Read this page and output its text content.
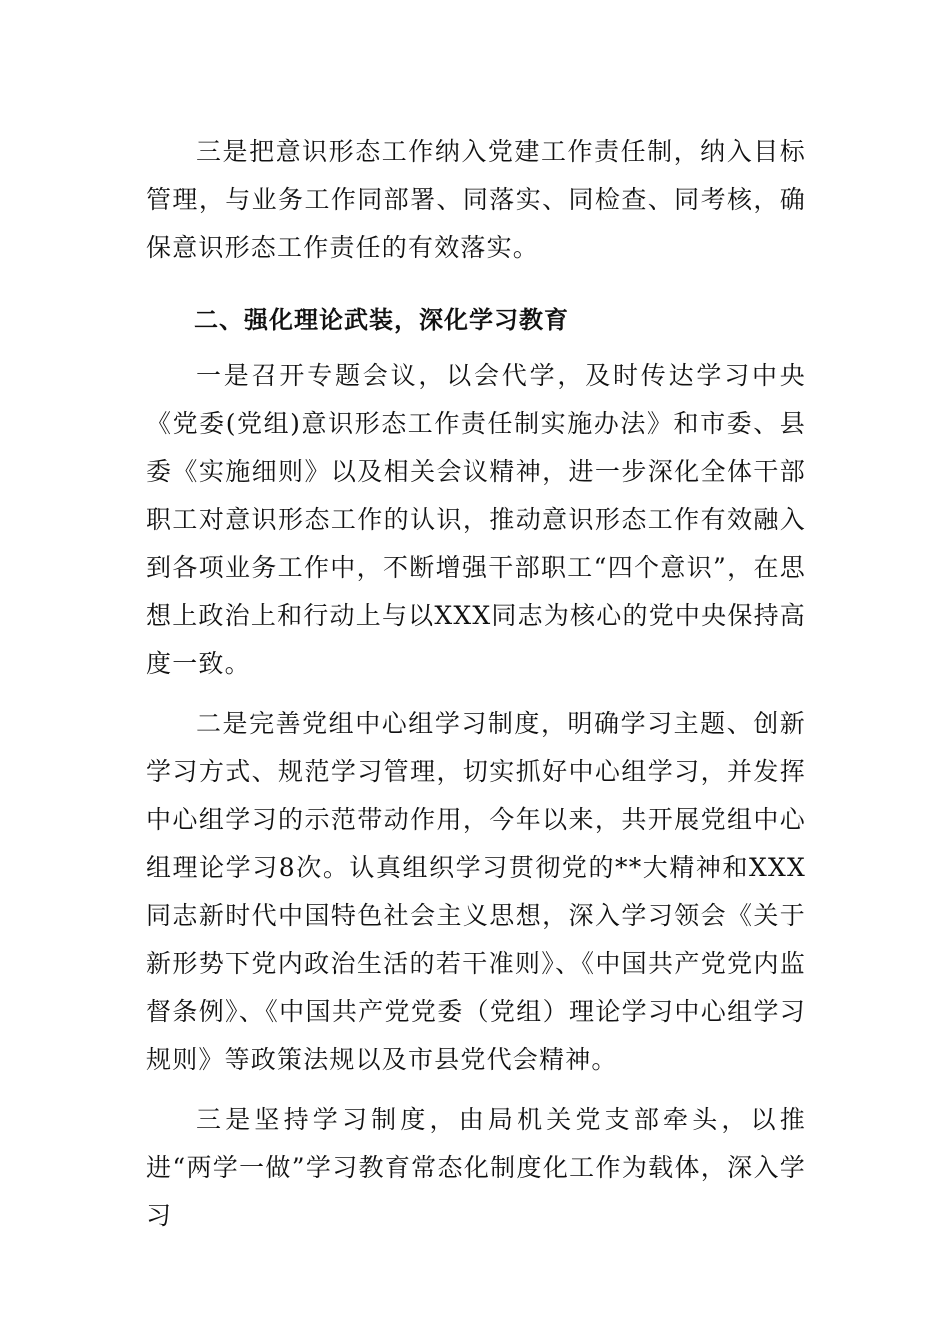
三是把意识形态工作纳入党建工作责任制，纳入目标管理，与业务工作同部署、同落实、同检查、同考核，确保意识形态工作责任的有效落实。

二、强化理论武装，深化学习教育

一是召开专题会议，以会代学，及时传达学习中央《党委(党组)意识形态工作责任制实施办法》和市委、县委《实施细则》以及相关会议精神，进一步深化全体干部职工对意识形态工作的认识，推动意识形态工作有效融入到各项业务工作中，不断增强干部职工“四个意识”，在思想上政治上和行动上与以XXX同志为核心的党中央保持高度一致。

二是完善党组中心组学习制度，明确学习主题、创新学习方式、规范学习管理，切实抓好中心组学习，并发挥中心组学习的示范带动作用，今年以来，共开展党组中心组理论学习8次。认真组织学习贯彻党的**大精神和XXX同志新时代中国特色社会主义思想，深入学习领会《关于新形势下党内政治生活的若干准则》、《中国共产党党内监督条例》、《中国共产党党委（党组）理论学习中心组学习规则》等政策法规以及市县党代会精神。

三是坚持学习制度，由局机关党支部牵头，以推进“两学一做”学习教育常态化制度化工作为载体，深入学习
